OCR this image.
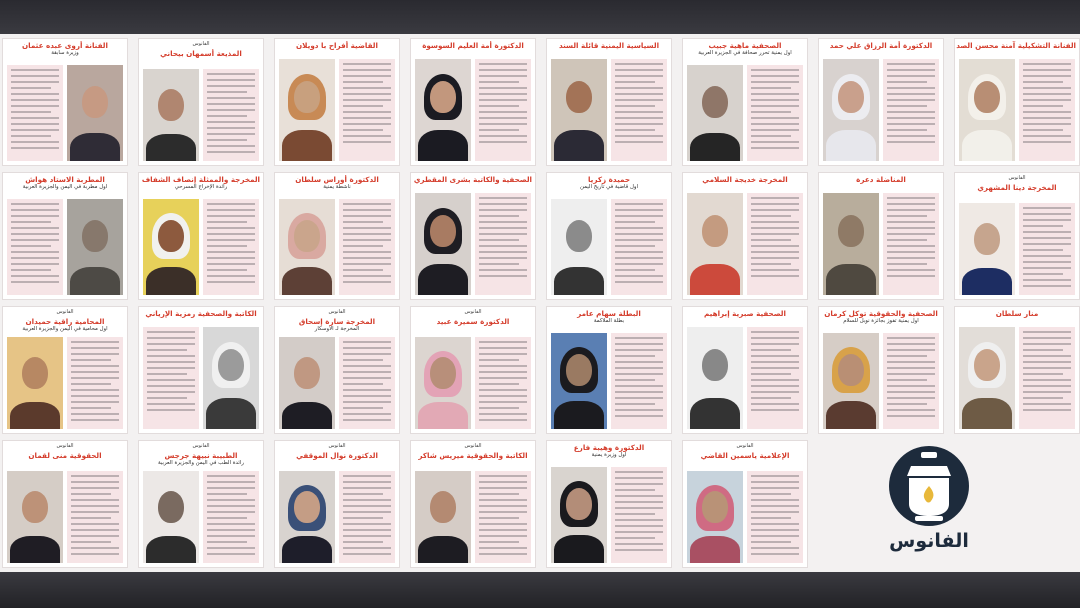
الفنانة أروى عبده عثمان
وزيرة سابقة
الفانوس
المذيعة أسمهان بيحاني
القاضية أفراح با دويلان	الدكتورة أمة العليم السوسوة	السياسية اليمنية قائلة السند	الصحفية ماهية جبيب
أول يمنية تحرر صحافة في الجزيرة العربية
الدكتورة أمة الرزاق علي حمد	الفنانة التشكيلية آمنة محسن الصد
المطربة الاستاد هواش
أول مطربة في اليمن والجزيرة العربية
المخرجة والممثلة إنصاف الشفاف
رائدة الإخراج المسرحي
الدكتورة أوراس سلطان
ناشطة يمنية
الصحفية والكاتبة بشرى المقطري	حميدة زكريا
أول قاضية في تاريخ اليمن
المخرجة خديجة السلامي	المناضلة دعرة	الفانوس
المخرجة دينا المشهري
الفانوس
المحامية راقية حميدان
أول محامية في اليمن والجزيرة العربية
الكاتبة والصحفية رمزية الإرياني	الفانوس
المخرجة سارة إسحاق
المخرجة لـ الأوسكار
الفانوس
الدكتورة سميرة عبيد
البطلة سهام عامر
بطلة الملاكمة
الصحفية صبرية إبراهيم	الصحفية والحقوقية توكل كرمان
أول يمنية تفوز بجائزة نوبل للسلام
منار سلطان
الفانوس
الحقوقية منى لقمان
الفانوس
الطبيبة نبيهة جرجس
رائدة الطب في اليمن والجزيرة العربية
الفانوس
الدكتورة نوال الموقفي
الفانوس
الكاتبة والحقوقية ميريس شاكر
الدكتورة وهيبة فارع
أول وزيرة يمنية
الفانوس
الإعلامية ياسمين القاضي
الفانوس
